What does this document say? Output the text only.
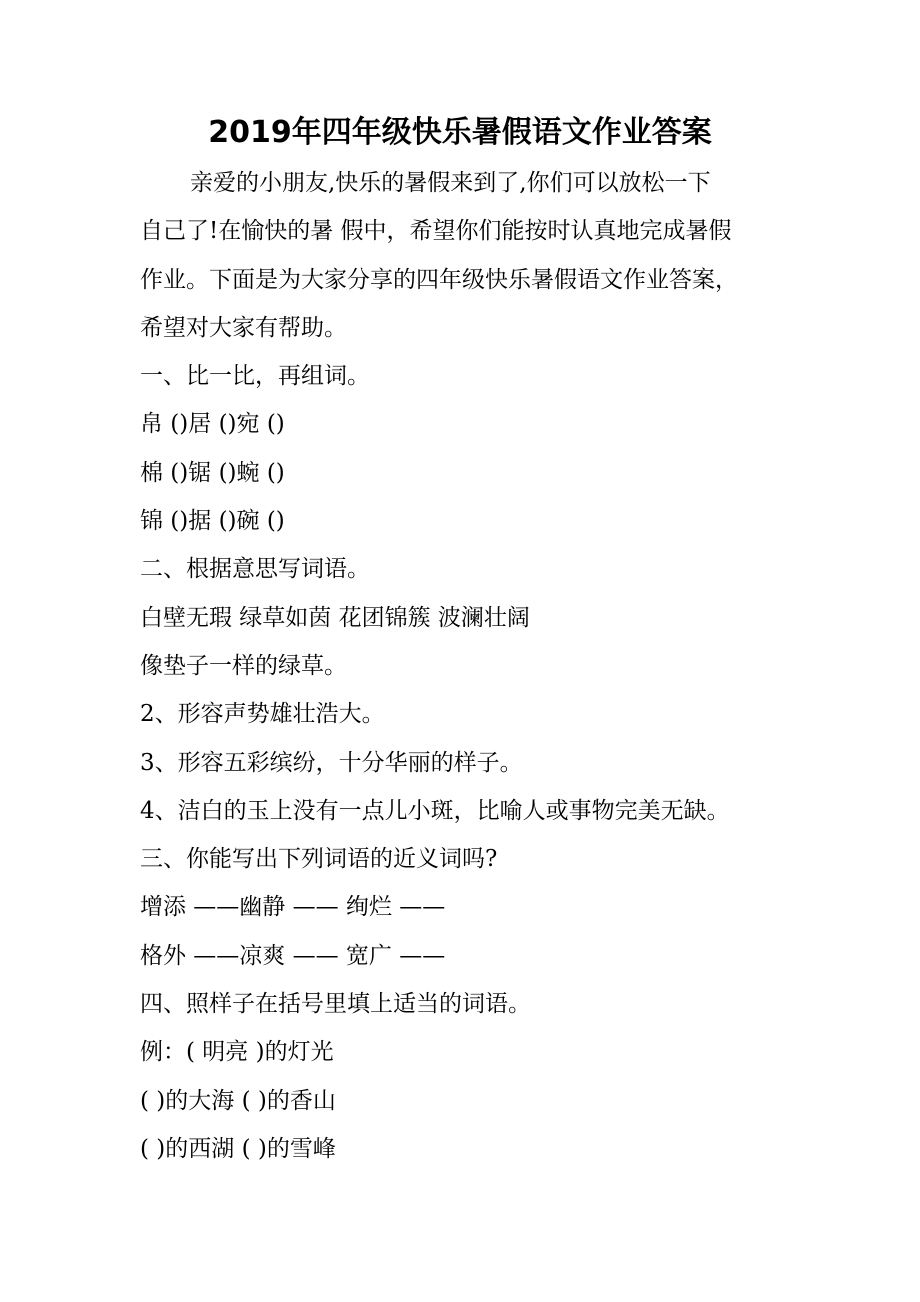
2019年四年级快乐暑假语文作业答案
亲爱的小朋友,快乐的暑假来到了,你们可以放松一下
自己了!在愉快的暑 假中，希望你们能按时认真地完成暑假
作业。下面是为大家分享的四年级快乐暑假语文作业答案，
希望对大家有帮助。
一、比一比，再组词。
帛 ()居 ()宛 ()
棉 ()锯 ()蜿 ()
锦 ()据 ()碗 ()
二、根据意思写词语。
白壁无瑕 绿草如茵 花团锦簇 波澜壮阔
像垫子一样的绿草。
2、形容声势雄壮浩大。
3、形容五彩缤纷，十分华丽的样子。
4、洁白的玉上没有一点儿小斑，比喻人或事物完美无缺。
三、你能写出下列词语的近义词吗?
增添 ——幽静 —— 绚烂 ——
格外 ——凉爽 —— 宽广 ——
四、照样子在括号里填上适当的词语。
例：( 明亮 )的灯光
( )的大海 ( )的香山
( )的西湖 ( )的雪峰
